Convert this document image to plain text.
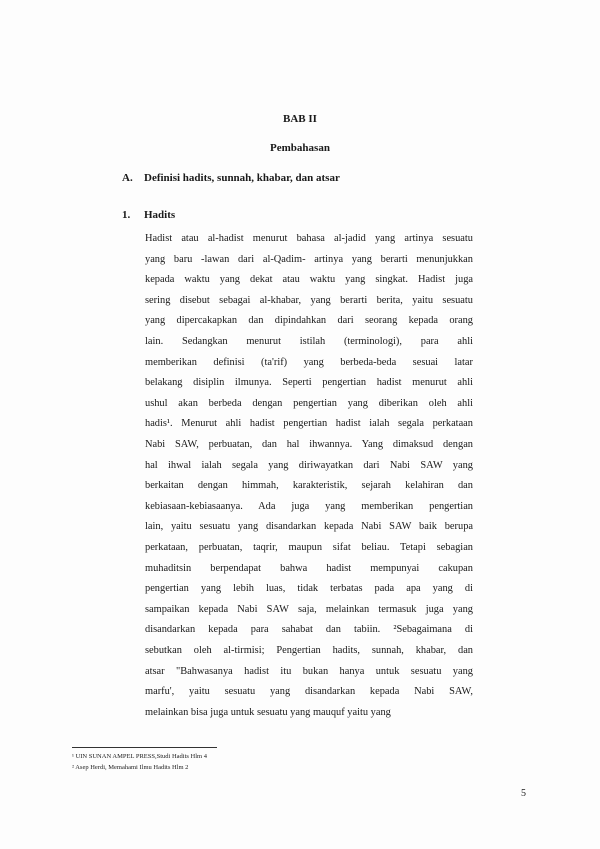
BAB II
Pembahasan
A. Definisi hadits, sunnah, khabar, dan atsar
1. Hadits
Hadist atau al-hadist menurut bahasa al-jadid yang artinya sesuatu
yang baru -lawan dari al-Qadim- artinya yang berarti menunjukkan
kepada waktu yang dekat atau waktu yang singkat. Hadist juga
sering disebut sebagai al-khabar, yang berarti berita, yaitu sesuatu
yang dipercakapkan dan dipindahkan dari seorang kepada orang
lain. Sedangkan menurut istilah (terminologi), para ahli
memberikan definisi (ta'rif) yang berbeda-beda sesuai latar
belakang disiplin ilmunya. Seperti pengertian hadist menurut ahli
ushul akan berbeda dengan pengertian yang diberikan oleh ahli
hadis¹. Menurut ahli hadist pengertian hadist ialah segala perkataan
Nabi SAW, perbuatan, dan hal ihwannya. Yang dimaksud dengan
hal ihwal ialah segala yang diriwayatkan dari Nabi SAW yang
berkaitan dengan himmah, karakteristik, sejarah kelahiran dan
kebiasaan-kebiasaanya. Ada juga yang memberikan pengertian
lain, yaitu sesuatu yang disandarkan kepada Nabi SAW baik berupa
perkataan, perbuatan, taqrir, maupun sifat beliau. Tetapi sebagian
muhaditsin berpendapat bahwa hadist mempunyai cakupan
pengertian yang lebih luas, tidak terbatas pada apa yang di
sampaikan kepada Nabi SAW saja, melainkan termasuk juga yang
disandarkan kepada para sahabat dan tabiin. ²Sebagaimana di
sebutkan oleh al-tirmisi; Pengertian hadits, sunnah, khabar, dan
atsar "Bahwasanya hadist itu bukan hanya untuk sesuatu yang
marfu', yaitu sesuatu yang disandarkan kepada Nabi SAW,
melainkan bisa juga untuk sesuatu yang mauquf yaitu yang
¹ UIN SUNAN AMPEL PRESS,Studi Hadits Hlm 4
² Asep Herdi, Memahami Ilmu Hadits Hlm 2
5
